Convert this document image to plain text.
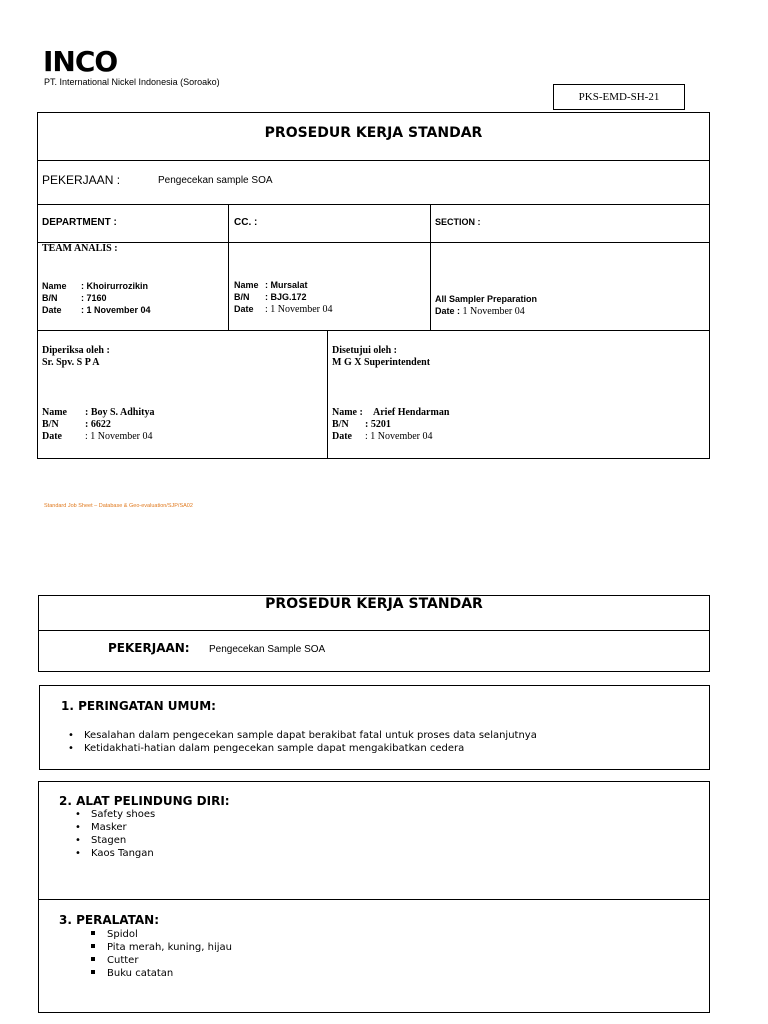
INCO
PT. International Nickel Indonesia (Soroako)
PKS-EMD-SH-21
PROSEDUR KERJA STANDAR
PEKERJAAN :	Pengecekan sample SOA
DEPARTMENT :	CC. :	SECTION :
TEAM ANALIS :
Name : Khoirurrozikin
B/N	: 7160
Date : 1 November 04
Name : Mursalat
B/N : BJG.172
Date : 1 November 04
All Sampler Preparation
Date : 1 November 04
Diperiksa oleh :
Sr. Spv. S P A
Name : Boy S. Adhitya
B/N	: 6622
Date : 1 November 04
Disetujui oleh :
M G X Superintendent
Name : Arief Hendarman
B/N : 5201
Date : 1 November 04
Standard Job Sheet – Database & Geo-evaluation/SJP/SA02
PROSEDUR KERJA STANDAR
PEKERJAAN: Pengecekan Sample SOA
1. PERINGATAN UMUM:
• Kesalahan dalam pengecekan sample dapat berakibat fatal untuk proses data selanjutnya
• Ketidakhati-hatian dalam pengecekan sample dapat mengakibatkan cedera
2. ALAT PELINDUNG DIRI:
• Safety shoes
• Masker
• Stagen
• Kaos Tangan
3. PERALATAN:
Spidol
Pita merah, kuning, hijau
Cutter
Buku catatan
